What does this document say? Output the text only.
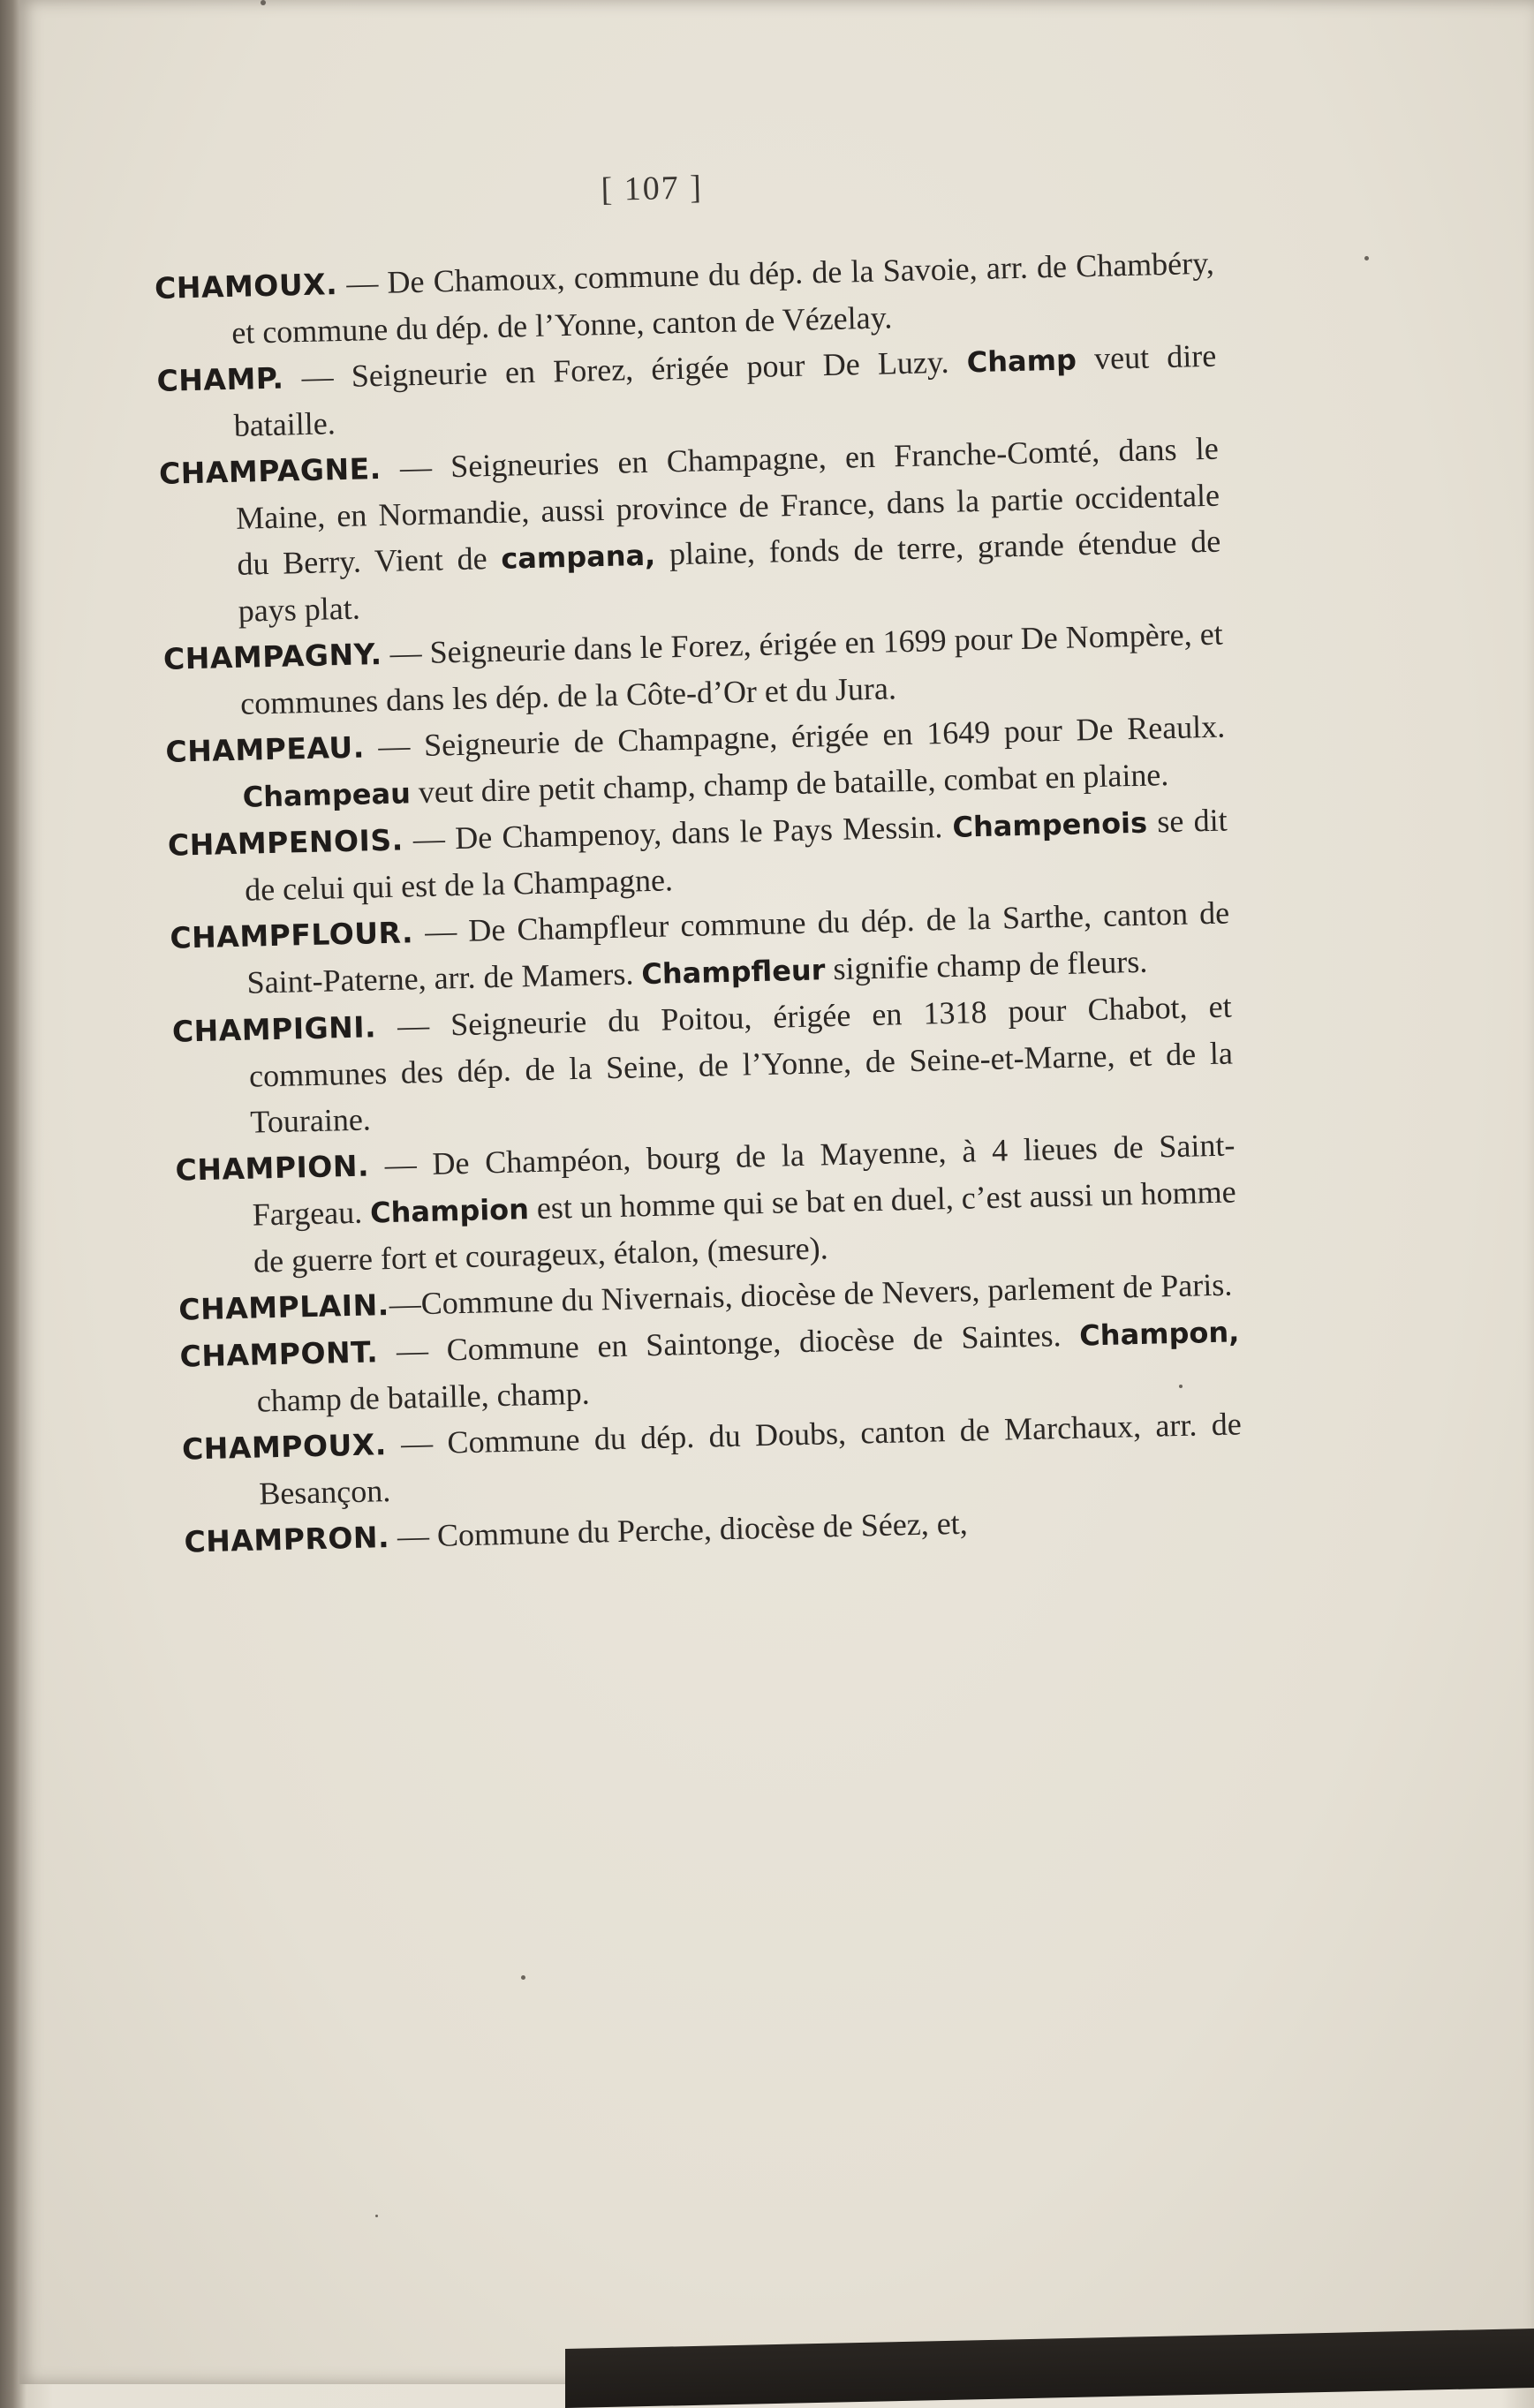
[ 107 ]

CHAMOUX. — De Chamoux, commune du dép. de la Savoie, arr. de Chambéry, et commune du dép. de l’Yonne, canton de Vézelay.

CHAMP. — Seigneurie en Forez, érigée pour De Luzy. Champ veut dire bataille.

CHAMPAGNE. — Seigneuries en Champagne, en Franche-Comté, dans le Maine, en Normandie, aussi province de France, dans la partie occidentale du Berry. Vient de campana, plaine, fonds de terre, grande étendue de pays plat.

CHAMPAGNY. — Seigneurie dans le Forez, érigée en 1699 pour De Nompère, et communes dans les dép. de la Côte-d’Or et du Jura.

CHAMPEAU. — Seigneurie de Champagne, érigée en 1649 pour De Reaulx. Champeau veut dire petit champ, champ de bataille, combat en plaine.

CHAMPENOIS. — De Champenoy, dans le Pays Messin. Champenois se dit de celui qui est de la Champagne.

CHAMPFLOUR. — De Champfleur commune du dép. de la Sarthe, canton de Saint-Paterne, arr. de Mamers. Champfleur signifie champ de fleurs.

CHAMPIGNI. — Seigneurie du Poitou, érigée en 1318 pour Chabot, et communes des dép. de la Seine, de l’Yonne, de Seine-et-Marne, et de la Touraine.

CHAMPION. — De Champéon, bourg de la Mayenne, à 4 lieues de Saint-Fargeau. Champion est un homme qui se bat en duel, c’est aussi un homme de guerre fort et courageux, étalon, (mesure).

CHAMPLAIN.—Commune du Nivernais, diocèse de Nevers, parlement de Paris.

CHAMPONT. — Commune en Saintonge, diocèse de Saintes. Champon, champ de bataille, champ.

CHAMPOUX. — Commune du dép. du Doubs, canton de Marchaux, arr. de Besançon.

CHAMPRON. — Commune du Perche, diocèse de Séez, et,
